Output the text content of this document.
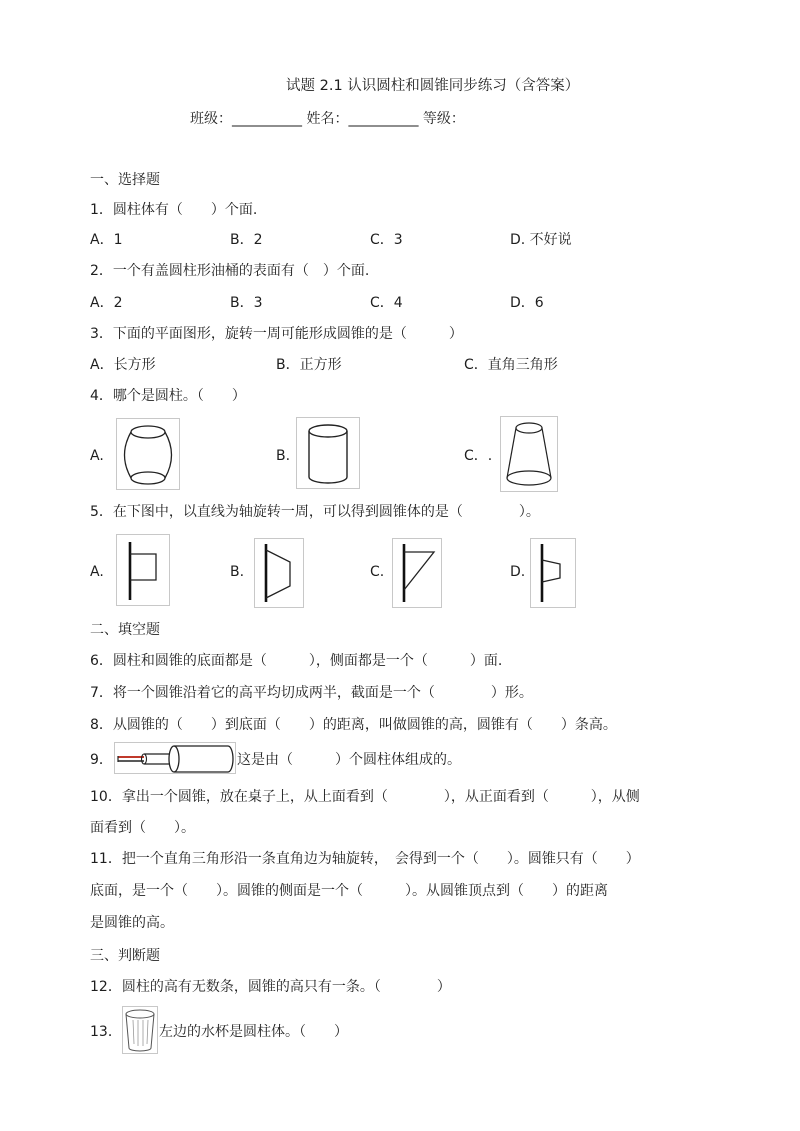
试题 2.1 认识圆柱和圆锥同步练习（含答案）
班级：__________ 姓名：__________ 等级：
一、选择题
1．圆柱体有（　　）个面.
A．1	B．2	C．3	D. 不好说
2．一个有盖圆柱形油桶的表面有（　）个面.
A．2	B．3	C．4	D．6
3．下面的平面图形，旋转一周可能形成圆锥的是（　　　）
A．长方形	B．正方形	C．直角三角形
4．哪个是圆柱。（　　）
A.	B.	C．.
5．在下图中，以直线为轴旋转一周，可以得到圆锥体的是（　　　　）。
A.	B.	C.	D.
二、填空题
6．圆柱和圆锥的底面都是（　　　），侧面都是一个（　　　）面.
7．将一个圆锥沿着它的高平均切成两半，截面是一个（　　　　）形。
8．从圆锥的（　　）到底面（　　）的距离，叫做圆锥的高，圆锥有（　　）条高。
9．	这是由（　　　）个圆柱体组成的。
10．拿出一个圆锥，放在桌子上，从上面看到（　　　　），从正面看到（　　　），从侧
面看到（　　）。
11．把一个直角三角形沿一条直角边为轴旋转，　会得到一个（　　）。圆锥只有（　　）
底面，是一个（　　）。圆锥的侧面是一个（　　　）。从圆锥顶点到（　　）的距离
是圆锥的高。
三、判断题
12．圆柱的高有无数条，圆锥的高只有一条。（　　　　）
13．	左边的水杯是圆柱体。（　　）
